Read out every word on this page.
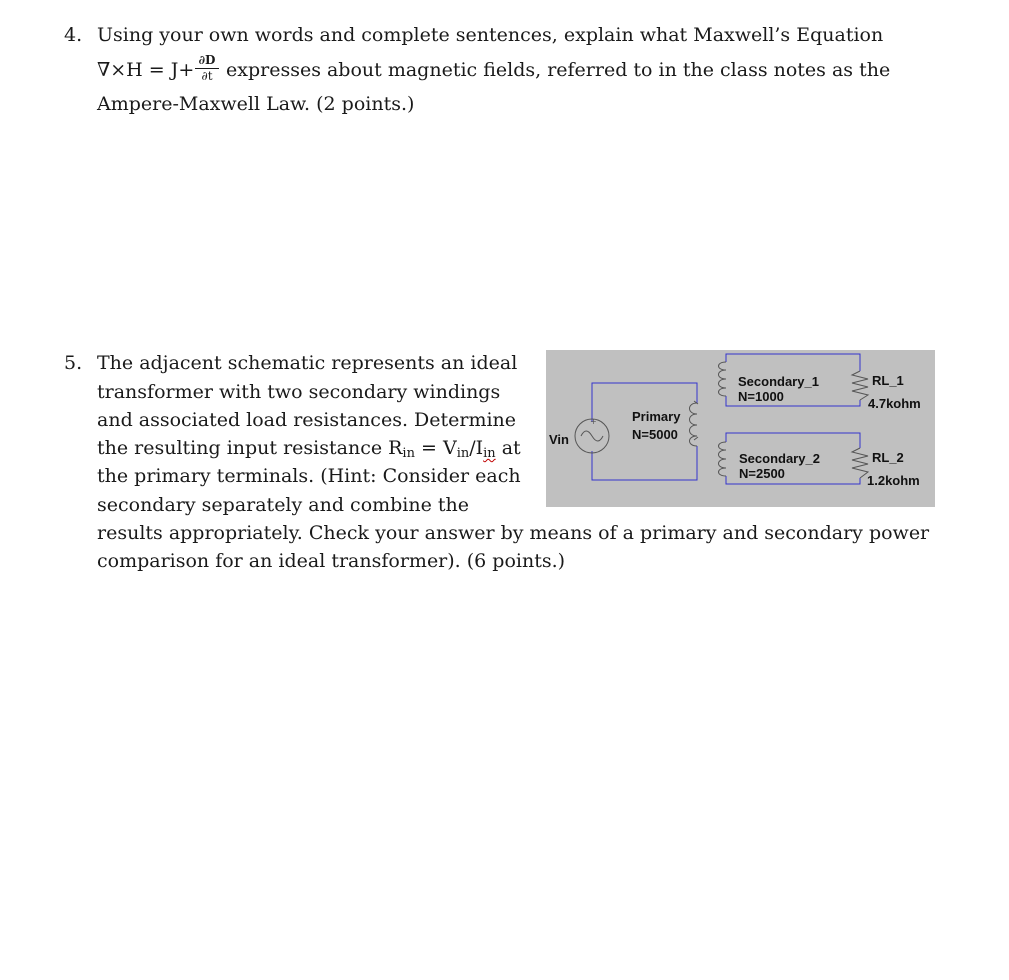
4. Using your own words and complete sentences, explain what Maxwell’s Equation
$\nabla\times H = J+ \frac{\partial D}{\partial t}$ expresses about magnetic fields, referred to in the class notes as the
Ampere-Maxwell Law. (2 points.)
5. The adjacent schematic represents an ideal
transformer with two secondary windings
and associated load resistances. Determine
the resulting input resistance $R_{in} = V_{in}/I_{in}$ at
the primary terminals. (Hint: Consider each
secondary separately and combine the
results appropriately. Check your answer by means of a primary and secondary power
comparison for an ideal transformer). (6 points.)
+
Vin
Primary
N=5000
Secondary_1
N=1000
Secondary_2
N=2500
RL_1
4.7kohm
RL_2
1.2kohm
